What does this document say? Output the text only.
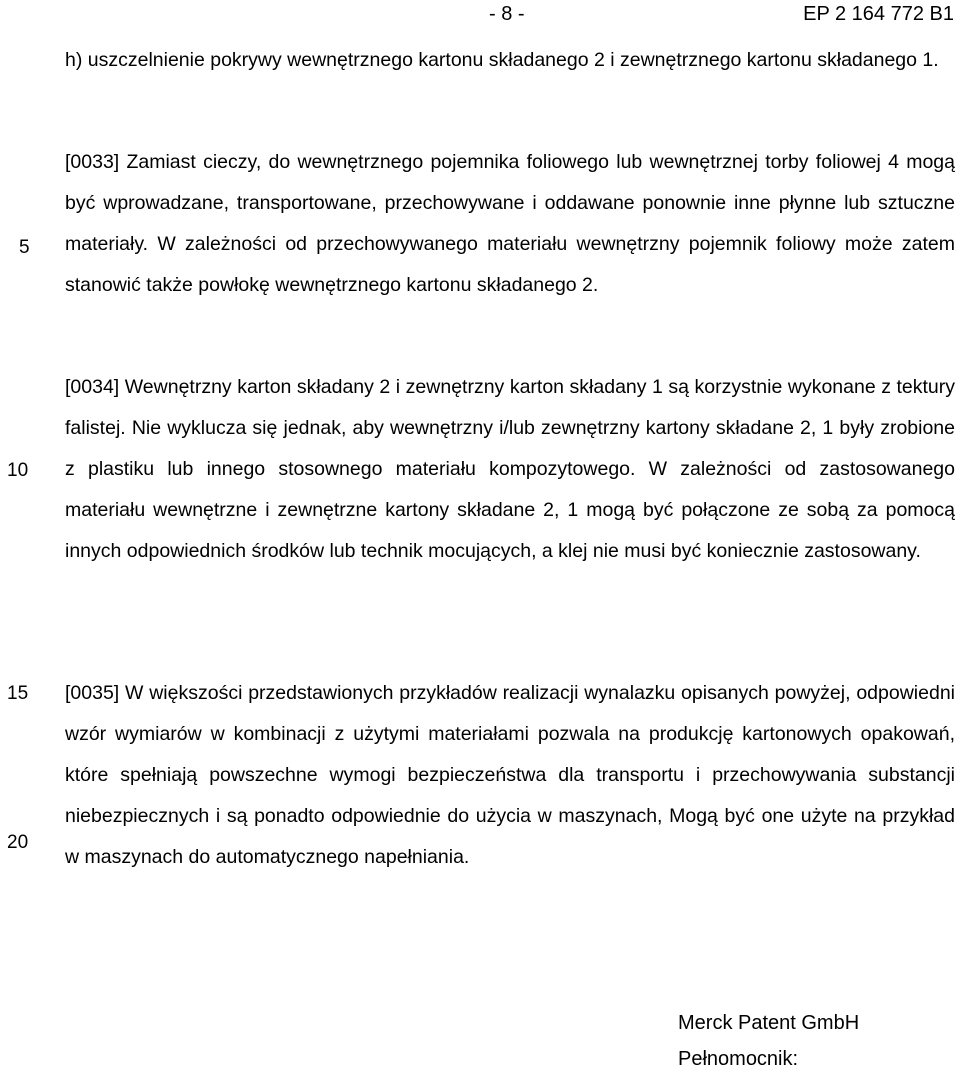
- 8 -	EP 2 164 772 B1
5
10
15
20

h) uszczelnienie pokrywy wewnętrznego kartonu składanego 2 i zewnętrznego kartonu składanego 1.

[0033] Zamiast cieczy, do wewnętrznego pojemnika foliowego lub wewnętrznej torby foliowej 4 mogą być wprowadzane, transportowane, przechowywane i oddawane ponownie inne płynne lub sztuczne materiały. W zależności od przechowywanego materiału wewnętrzny pojemnik foliowy może zatem stanowić także powłokę wewnętrznego kartonu składanego 2.

[0034] Wewnętrzny karton składany 2 i zewnętrzny karton składany 1 są korzystnie wykonane z tektury falistej. Nie wyklucza się jednak, aby wewnętrzny i/lub zewnętrzny kartony składane 2, 1 były zrobione z plastiku lub innego stosownego materiału kompozytowego. W zależności od zastosowanego materiału wewnętrzne i zewnętrzne kartony składane 2, 1 mogą być połączone ze sobą za pomocą innych odpowiednich środków lub technik mocujących, a klej nie musi być koniecznie zastosowany.

[0035] W większości przedstawionych przykładów realizacji wynalazku opisanych powyżej, odpowiedni wzór wymiarów w kombinacji z użytymi materiałami pozwala na produkcję kartonowych opakowań, które spełniają powszechne wymogi bezpieczeństwa dla transportu i przechowywania substancji niebezpiecznych i są ponadto odpowiednie do użycia w maszynach, Mogą być one użyte na przykład w maszynach do automatycznego napełniania.

Merck Patent GmbH
Pełnomocnik:
